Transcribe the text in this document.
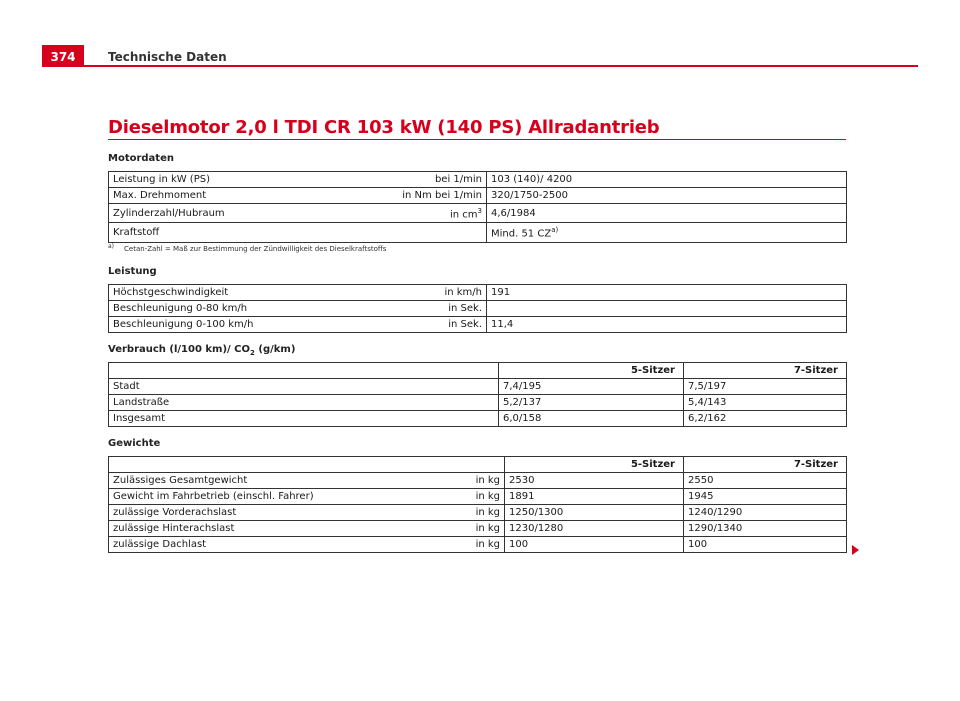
374	Technische Daten
Dieselmotor 2,0 l TDI CR 103 kW (140 PS) Allradantrieb
Motordaten
Leistung in kW (PS)	bei 1/min	103 (140)/ 4200
Max. Drehmoment	in Nm bei 1/min	320/1750-2500
Zylinderzahl/Hubraum	in $cm^3$	4,6/1984
Kraftstoff		Mind. 51 CZ$^{a)}$
a) Cetan-Zahl = Maß zur Bestimmung der Zündwilligkeit des Dieselkraftstoffs
Leistung
Höchstgeschwindigkeit	in km/h	191
Beschleunigung 0-80 km/h	in Sek.	
Beschleunigung 0-100 km/h	in Sek.	11,4
Verbrauch (l/100 km)/ $CO_2$ (g/km)
	5-Sitzer	7-Sitzer
Stadt	7,4/195	7,5/197
Landstraße	5,2/137	5,4/143
Insgesamt	6,0/158	6,2/162
Gewichte
		5-Sitzer	7-Sitzer
Zulässiges Gesamtgewicht	in kg	2530	2550
Gewicht im Fahrbetrieb (einschl. Fahrer)	in kg	1891	1945
zulässige Vorderachslast	in kg	1250/1300	1240/1290
zulässige Hinterachslast	in kg	1230/1280	1290/1340
zulässige Dachlast	in kg	100	100
